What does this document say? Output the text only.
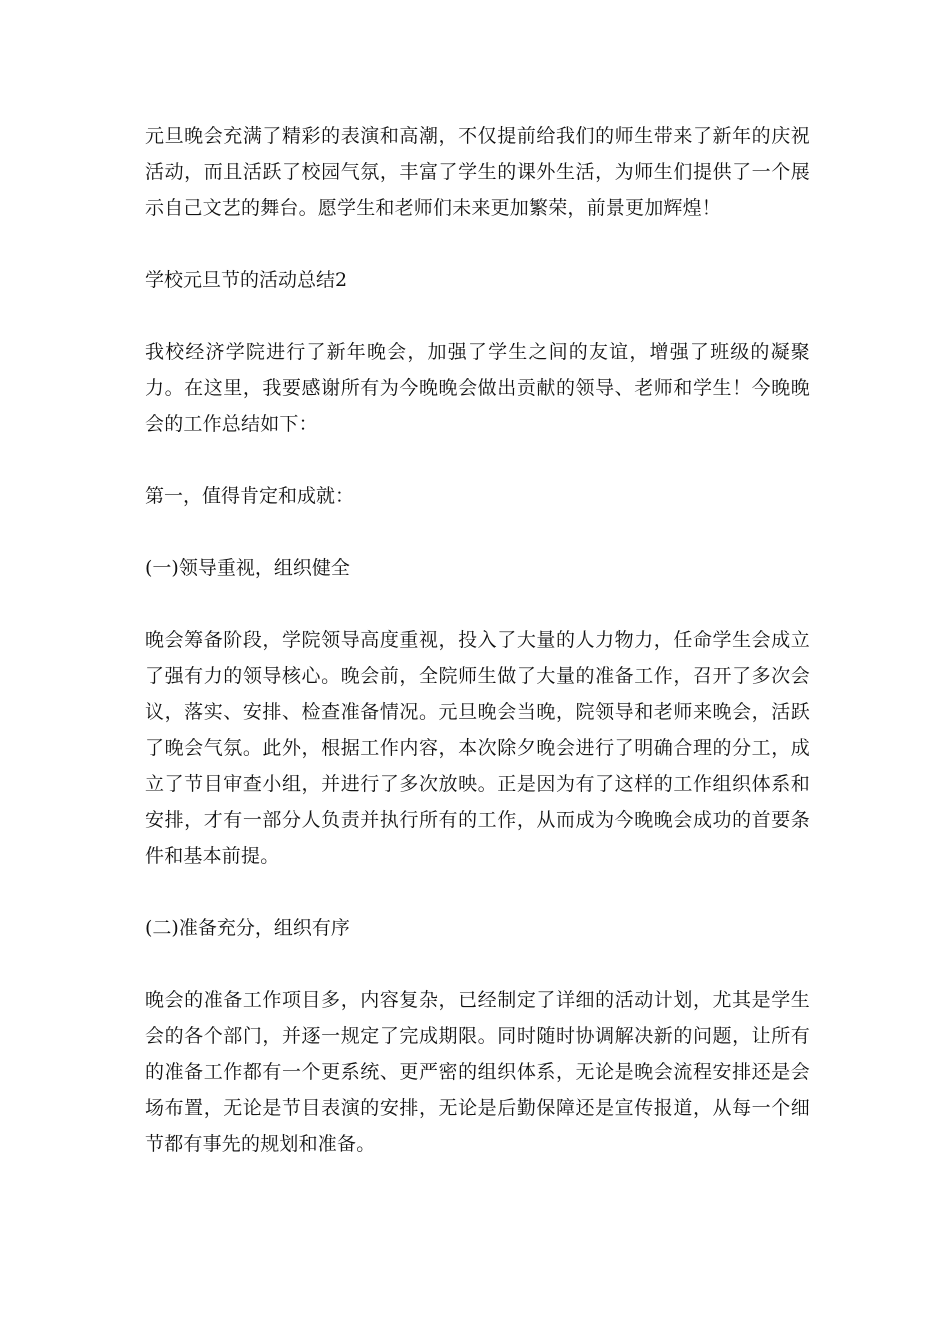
元旦晚会充满了精彩的表演和高潮，不仅提前给我们的师生带来了新年的庆祝活动，而且活跃了校园气氛，丰富了学生的课外生活，为师生们提供了一个展示自己文艺的舞台。愿学生和老师们未来更加繁荣，前景更加辉煌！

学校元旦节的活动总结2

我校经济学院进行了新年晚会，加强了学生之间的友谊，增强了班级的凝聚力。在这里，我要感谢所有为今晚晚会做出贡献的领导、老师和学生！今晚晚会的工作总结如下：

第一，值得肯定和成就：

(一)领导重视，组织健全

晚会筹备阶段，学院领导高度重视，投入了大量的人力物力，任命学生会成立了强有力的领导核心。晚会前，全院师生做了大量的准备工作，召开了多次会议，落实、安排、检查准备情况。元旦晚会当晚，院领导和老师来晚会，活跃了晚会气氛。此外，根据工作内容，本次除夕晚会进行了明确合理的分工，成立了节目审查小组，并进行了多次放映。正是因为有了这样的工作组织体系和安排，才有一部分人负责并执行所有的工作，从而成为今晚晚会成功的首要条件和基本前提。

(二)准备充分，组织有序

晚会的准备工作项目多，内容复杂，已经制定了详细的活动计划，尤其是学生会的各个部门，并逐一规定了完成期限。同时随时协调解决新的问题，让所有的准备工作都有一个更系统、更严密的组织体系，无论是晚会流程安排还是会场布置，无论是节目表演的安排，无论是后勤保障还是宣传报道，从每一个细节都有事先的规划和准备。
